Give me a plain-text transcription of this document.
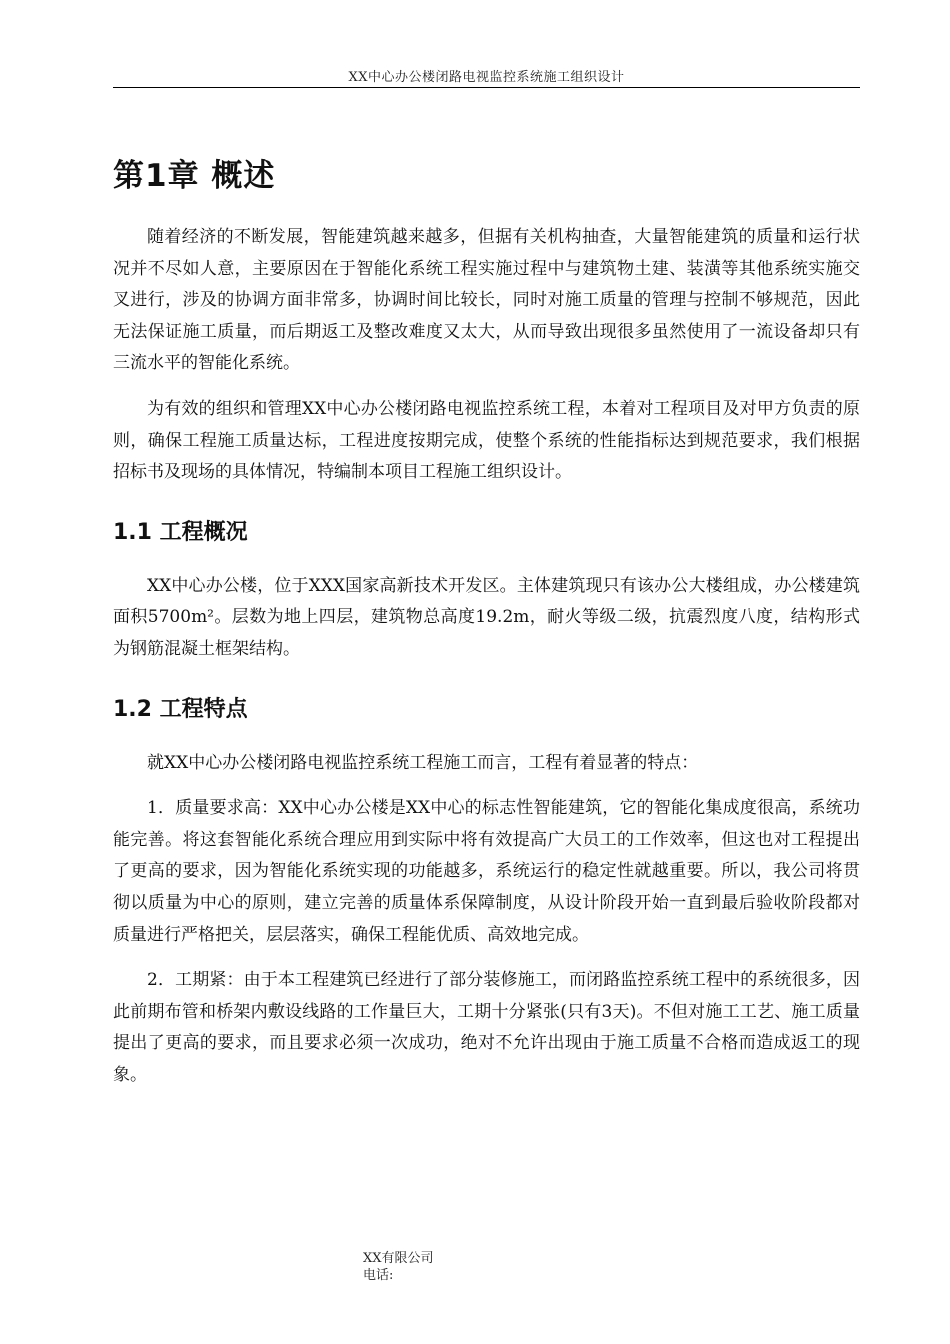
XX中心办公楼闭路电视监控系统施工组织设计
第1章 概述

随着经济的不断发展，智能建筑越来越多，但据有关机构抽查，大量智能建筑的质量和运行状况并不尽如人意，主要原因在于智能化系统工程实施过程中与建筑物土建、装潢等其他系统实施交叉进行，涉及的协调方面非常多，协调时间比较长，同时对施工质量的管理与控制不够规范，因此无法保证施工质量，而后期返工及整改难度又太大，从而导致出现很多虽然使用了一流设备却只有三流水平的智能化系统。

为有效的组织和管理XX中心办公楼闭路电视监控系统工程，本着对工程项目及对甲方负责的原则，确保工程施工质量达标，工程进度按期完成，使整个系统的性能指标达到规范要求，我们根据招标书及现场的具体情况，特编制本项目工程施工组织设计。

1.1 工程概况

XX中心办公楼，位于XXX国家高新技术开发区。主体建筑现只有该办公大楼组成，办公楼建筑面积5700m²。层数为地上四层，建筑物总高度19.2m，耐火等级二级，抗震烈度八度，结构形式为钢筋混凝土框架结构。

1.2 工程特点

就XX中心办公楼闭路电视监控系统工程施工而言，工程有着显著的特点：

1．质量要求高：XX中心办公楼是XX中心的标志性智能建筑，它的智能化集成度很高，系统功能完善。将这套智能化系统合理应用到实际中将有效提高广大员工的工作效率，但这也对工程提出了更高的要求，因为智能化系统实现的功能越多，系统运行的稳定性就越重要。所以，我公司将贯彻以质量为中心的原则，建立完善的质量体系保障制度，从设计阶段开始一直到最后验收阶段都对质量进行严格把关，层层落实，确保工程能优质、高效地完成。

2．工期紧：由于本工程建筑已经进行了部分装修施工，而闭路监控系统工程中的系统很多，因此前期布管和桥架内敷设线路的工作量巨大，工期十分紧张(只有3天)。不但对施工工艺、施工质量提出了更高的要求，而且要求必须一次成功，绝对不允许出现由于施工质量不合格而造成返工的现象。

XX有限公司
电话:
